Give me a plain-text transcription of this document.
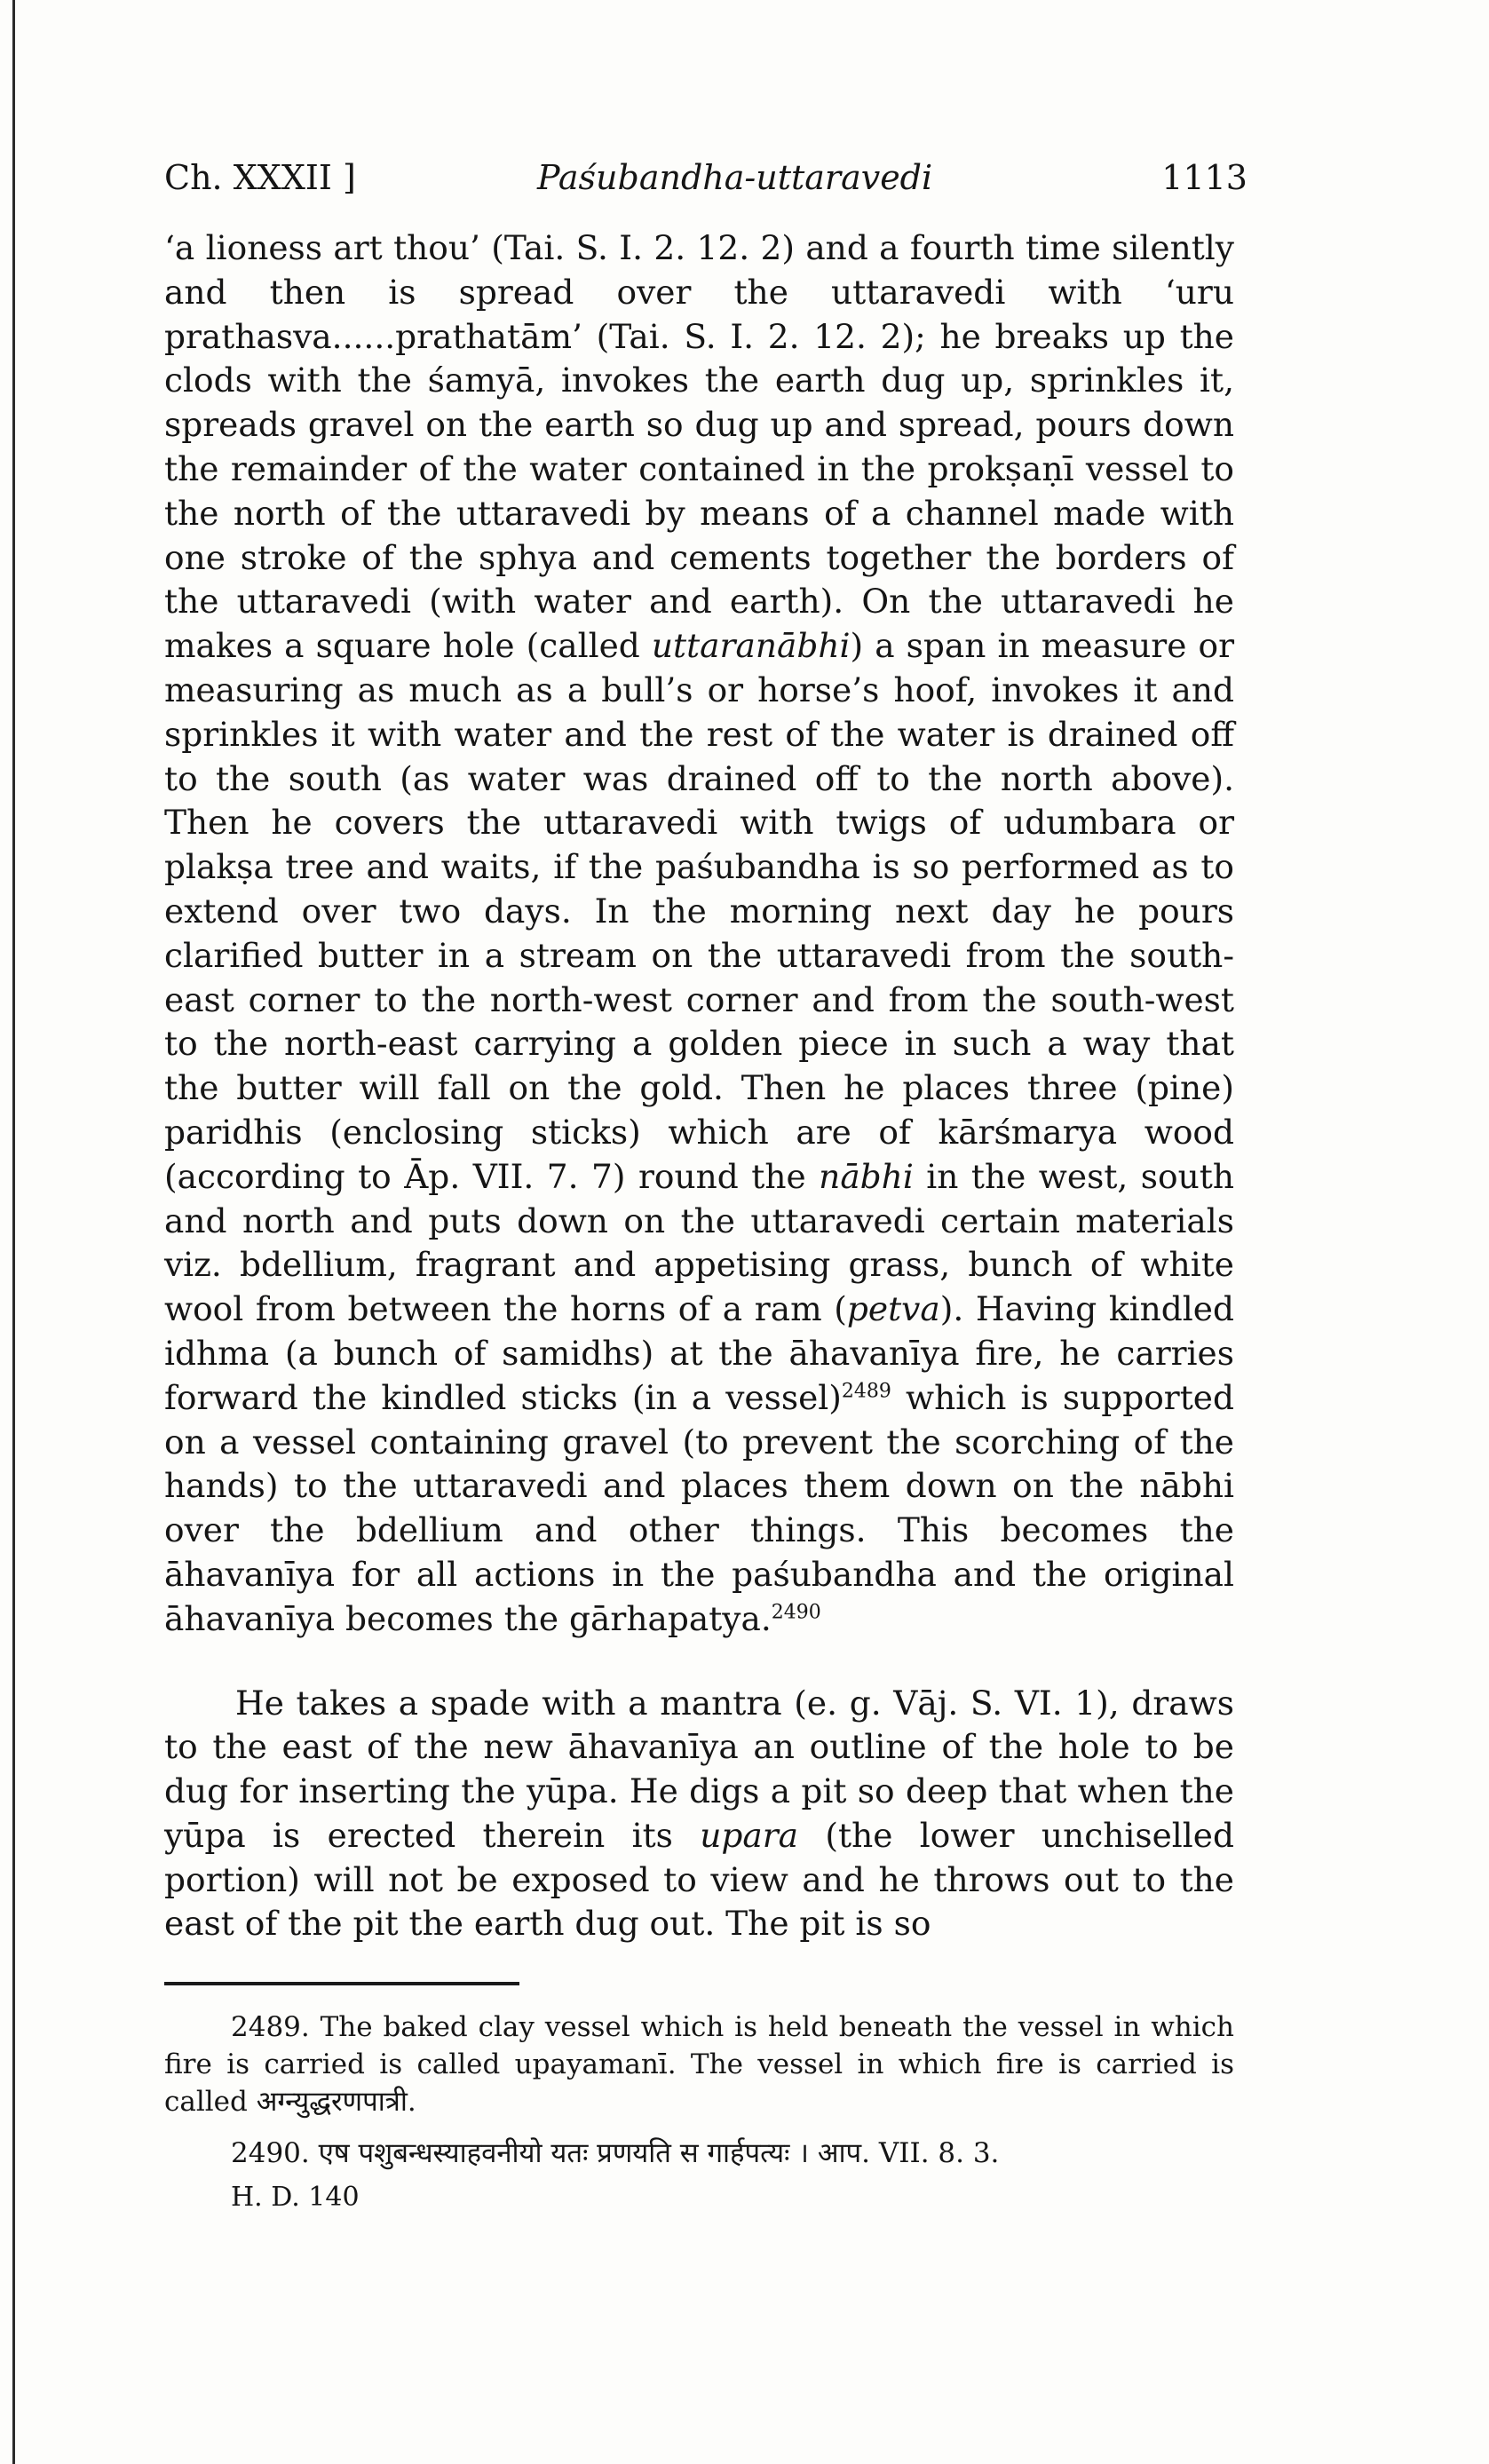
Ch. XXXII ]	Paśubandha-uttaravedi	1113

‘a lioness art thou’ (Tai. S. I. 2. 12. 2) and a fourth time silently and then is spread over the uttaravedi with ‘uru prathasva......prathatām’ (Tai. S. I. 2. 12. 2); he breaks up the clods with the śamyā, invokes the earth dug up, sprinkles it, spreads gravel on the earth so dug up and spread, pours down the remainder of the water contained in the prokṣaṇī vessel to the north of the uttaravedi by means of a channel made with one stroke of the sphya and cements together the borders of the uttaravedi (with water and earth). On the uttaravedi he makes a square hole (called uttaranābhi) a span in measure or measuring as much as a bull’s or horse’s hoof, invokes it and sprinkles it with water and the rest of the water is drained off to the south (as water was drained off to the north above). Then he covers the uttaravedi with twigs of udumbara or plakṣa tree and waits, if the paśubandha is so performed as to extend over two days. In the morning next day he pours clarified butter in a stream on the uttaravedi from the south-east corner to the north-west corner and from the south-west to the north-east carrying a golden piece in such a way that the butter will fall on the gold. Then he places three (pine) paridhis (enclosing sticks) which are of kārśmarya wood (according to Āp. VII. 7. 7) round the nābhi in the west, south and north and puts down on the uttaravedi certain materials viz. bdellium, fragrant and appetising grass, bunch of white wool from between the horns of a ram (petva). Having kindled idhma (a bunch of samidhs) at the āhavanīya fire, he carries forward the kindled sticks (in a vessel)$^{2489}$ which is supported on a vessel containing gravel (to prevent the scorching of the hands) to the uttaravedi and places them down on the nābhi over the bdellium and other things. This becomes the āhavanīya for all actions in the paśubandha and the original āhavanīya becomes the gārhapatya.$^{2490}$

He takes a spade with a mantra (e. g. Vāj. S. VI. 1), draws to the east of the new āhavanīya an outline of the hole to be dug for inserting the yūpa. He digs a pit so deep that when the yūpa is erected therein its upara (the lower unchiselled portion) will not be exposed to view and he throws out to the east of the pit the earth dug out. The pit is so

2489. The baked clay vessel which is held beneath the vessel in which fire is carried is called upayamanī. The vessel in which fire is carried is called अग्न्युद्धरणपात्री.

2490. एष पशुबन्धस्याहवनीयो यतः प्रणयति स गार्हपत्यः । आप. VII. 8. 3.

H. D. 140
